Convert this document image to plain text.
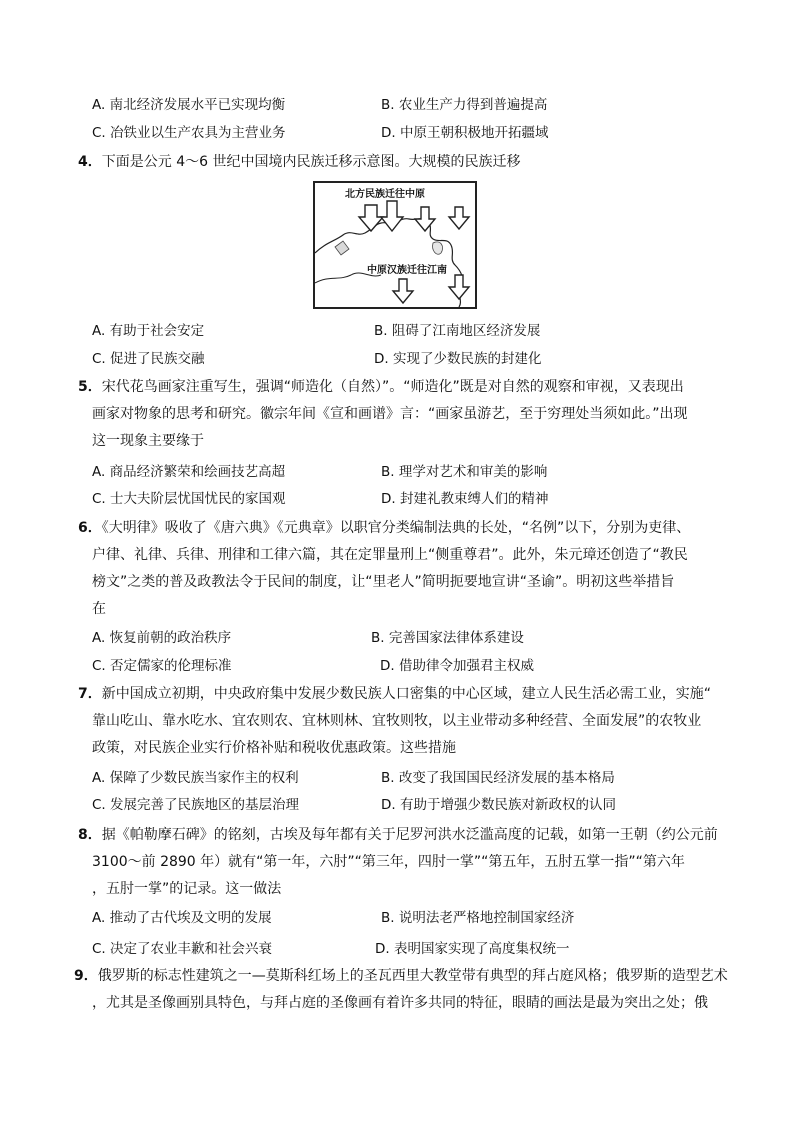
A. 南北经济发展水平已实现均衡	B. 农业生产力得到普遍提高
C. 冶铁业以生产农具为主营业务	D. 中原王朝积极地开拓疆域
4．下面是公元 4～6 世纪中国境内民族迁移示意图。大规模的民族迁移
北方民族迁往中原
中原汉族迁往江南
A. 有助于社会安定	B. 阻碍了江南地区经济发展
C. 促进了民族交融	D. 实现了少数民族的封建化
5．宋代花鸟画家注重写生，强调“师造化（自然）”。“师造化”既是对自然的观察和审视，又表现出
画家对物象的思考和研究。徽宗年间《宣和画谱》言：“画家虽游艺，至于穷理处当须如此。”出现
这一现象主要缘于
A. 商品经济繁荣和绘画技艺高超	B. 理学对艺术和审美的影响
C. 士大夫阶层忧国忧民的家国观	D. 封建礼教束缚人们的精神
6．《大明律》吸收了《唐六典》《元典章》以职官分类编制法典的长处，“名例”以下，分别为吏律、
户律、礼律、兵律、刑律和工律六篇，其在定罪量刑上“侧重尊君”。此外，朱元璋还创造了“教民
榜文”之类的普及政教法令于民间的制度，让“里老人”简明扼要地宣讲“圣谕”。明初这些举措旨
在
A. 恢复前朝的政治秩序	B. 完善国家法律体系建设
C. 否定儒家的伦理标准	D. 借助律令加强君主权威
7．新中国成立初期，中央政府集中发展少数民族人口密集的中心区域，建立人民生活必需工业，实施“
靠山吃山、靠水吃水、宜农则农、宜林则林、宜牧则牧，以主业带动多种经营、全面发展”的农牧业
政策，对民族企业实行价格补贴和税收优惠政策。这些措施
A. 保障了少数民族当家作主的权利	B. 改变了我国国民经济发展的基本格局
C. 发展完善了民族地区的基层治理	D. 有助于增强少数民族对新政权的认同
8．据《帕勒摩石碑》的铭刻，古埃及每年都有关于尼罗河洪水泛滥高度的记载，如第一王朝（约公元前
3100～前 2890 年）就有“第一年，六肘”“第三年，四肘一掌”“第五年，五肘五掌一指”“第六年
，五肘一掌”的记录。这一做法
A. 推动了古代埃及文明的发展	B. 说明法老严格地控制国家经济
C. 决定了农业丰歉和社会兴衰	D. 表明国家实现了高度集权统一
9．俄罗斯的标志性建筑之一—莫斯科红场上的圣瓦西里大教堂带有典型的拜占庭风格；俄罗斯的造型艺术
，尤其是圣像画别具特色，与拜占庭的圣像画有着许多共同的特征，眼睛的画法是最为突出之处；俄
